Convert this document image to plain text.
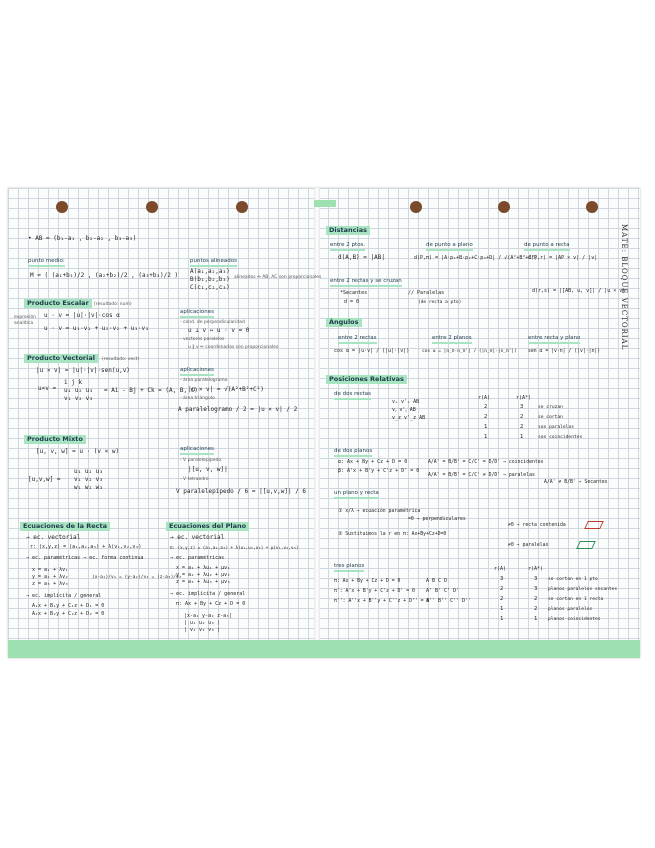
MATE: BLOQUE VECTORIAL
• AB = (b₁-a₁ , b₂-a₂ , b₃-a₃)
punto medio:
M = ( (a₁+b₁)/2 , (a₂+b₂)/2 , (a₃+b₃)/2 )
puntos alineados
A(a₁,a₂,a₃)
B(b₁,b₂,b₃)
C(c₁,c₂,c₃)
alineados ⇔ AB, AC son proporcionales
Producto Escalar	(resultado: num)
expresión
analítica
u · v = |u|·|v|·cos α
u · v = u₁·v₁ + u₂·v₂ + u₃·v₃
aplicaciones
- cond. de perpendicularidad
u ⊥ v ⇔ u · v = 0
- vectores paralelos
u ∥ v ⇔ coordenadas son proporcionales
Producto Vectorial	(resultado: vect)
|u × v| = |u|·|v|·sen(u,v)
u×v =
i j k
u₁ u₂ u₃
v₁ v₂ v₃
= Ai - Bj + Ck = (A, B, C)
aplicaciones
- área paralelogramo
|u × v| = √(A²+B²+C²)
- área triángulo
A paralelogramo / 2 = |u × v| / 2
Producto Mixto
[u, v, w] = u · (v × w)
[u,v,w] =
u₁ u₂ u₃
v₁ v₂ v₃
w₁ w₂ w₃
aplicaciones
- V paralelepípedo
|[u, v, w]|
- V tetraedro
V paralelepípedo / 6 = |[u,v,w]| / 6
Ecuaciones de la Recta
→ ec. vectorial
r: (x,y,z) = (a₁,a₂,a₃) + λ(v₁,v₂,v₃)
→ ec. paramétricas → ec. forma continua
x = a₁ + λv₁
y = a₂ + λv₂
z = a₃ + λv₃
(x-a₁)/v₁ = (y-a₂)/v₂ = (z-a₃)/v₃
→ ec. implícita / general
A₁x + B₁y + C₁z + D₁ = 0
A₂x + B₂y + C₂z + D₂ = 0
Ecuaciones del Plano
→ ec. vectorial
π: (x,y,z) = (a₁,a₂,a₃) + λ(u₁,u₂,u₃) + μ(v₁,v₂,v₃)
→ ec. paramétricas
x = a₁ + λu₁ + μv₁
y = a₂ + λu₂ + μv₂
z = a₃ + λu₃ + μv₃
→ ec. implícita / general
π: Ax + By + Cz + D = 0
|x-a₁ y-a₂ z-a₃|
| u₁ u₂ u₃ |
| v₁ v₂ v₃ |
Distancias
entre 2 ptos.
d(A,B) = |AB|
de punto a plano
d(P,π) = |A·p₁+B·p₂+C·p₃+D| / √(A²+B²+C²)
de punto a recta
d(P,r) = |AP × v| / |v|
entre 2 rectas y se cruzan
*Secantes
d = 0
// Paralelas
(de recta a pto)
d(r,s) = |[AB, u, v]| / |u × v|
Ángulos
entre 2 rectas
cos α = |u·v| / (|u|·|v|)
entre 2 planos
cos α = |n_π·n_π'| / (|n_π|·|n_π'|)
entre recta y plano
sen α = |v·n| / (|v|·|n|)
Posiciones Relativas
de dos rectas
vₓ v'ₓ AB
vᵧ v'ᵧ AB
v_z v'_z AB
r(A)	r(A*)
2	3	se cruzan
2	2	se cortan
1	2	son paralelas
1	1	son coincidentes
de dos planos
α: Ax + By + Cz + D = 0
β: A'x + B'y + C'z + D' = 0
A/A' = B/B' = C/C' = D/D' → coincidentes
A/A' = B/B' = C/C' ≠ D/D' → paralelas
A/A' ≠ B/B' → Secantes
un plano y recta
① x/λ → ecuación paramétrica
=0 → perpendiculares
② Sustituimos la r en π: Ax+By+Cz+D=0
≠0 → recta contenida
≠0 → paralelas
tres planos
π: Ax + By + Cz + D = 0
π': A'x + B'y + C'z + D' = 0
π'': A''x + B''y + C''z + D'' = 0
A B C D
A' B' C' D'
A'' B'' C'' D''
r(A)	r(A*)
3	3 se cortan en 1 pto
2	3 planos paralelos secantes
2	2 se cortan en 1 recta
1	2 planos paralelos
1	1 planos coincidentes
